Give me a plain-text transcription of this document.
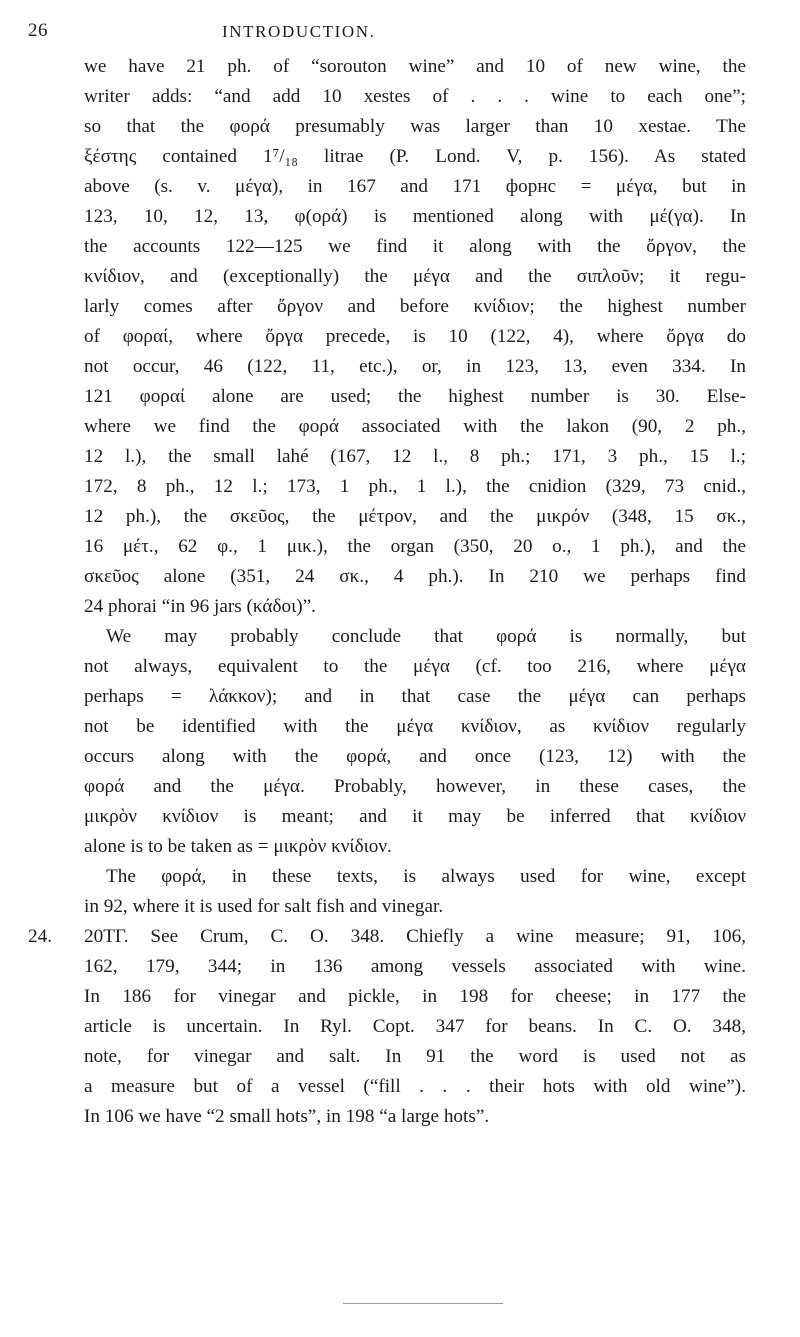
26	INTRODUCTION.
we have 21 ph. of “sorouton wine” and 10 of new wine, the
writer adds: “and add 10 xestes of . . . wine to each one”;
so that the φορά presumably was larger than 10 xestae. The
ξέστης contained 1⁷/₁₈ litrae (P. Lond. V, p. 156). As stated
above (s. v. μέγα), in 167 and 171 форнс = μέγα, but in
123, 10, 12, 13, φ(ορά) is mentioned along with μέ(γα). In
the accounts 122—125 we find it along with the ὄργον, the
κνίδιον, and (exceptionally) the μέγα and the σιπλοῦν; it regu-
larly comes after ὄργον and before κνίδιον; the highest number
of φοραί, where ὄργα precede, is 10 (122, 4), where ὄργα do
not occur, 46 (122, 11, etc.), or, in 123, 13, even 334. In
121 φοραί alone are used; the highest number is 30. Else-
where we find the φορά associated with the lakon (90, 2 ph.,
12 l.), the small lahé (167, 12 l., 8 ph.; 171, 3 ph., 15 l.;
172, 8 ph., 12 l.; 173, 1 ph., 1 l.), the cnidion (329, 73 cnid.,
12 ph.), the σκεῦος, the μέτρον, and the μικρόν (348, 15 σκ.,
16 μέτ., 62 φ., 1 μικ.), the organ (350, 20 o., 1 ph.), and the
σκεῦος alone (351, 24 σκ., 4 ph.). In 210 we perhaps find
24 phorai “in 96 jars (κάδοι)”.
We may probably conclude that φορά is normally, but
not always, equivalent to the μέγα (cf. too 216, where μέγα
perhaps = λάκκον); and in that case the μέγα can perhaps
not be identified with the μέγα κνίδιον, as κνίδιον regularly
occurs along with the φορά, and once (123, 12) with the
φορά and the μέγα. Probably, however, in these cases, the
μικρὸν κνίδιον is meant; and it may be inferred that κνίδιον
alone is to be taken as = μικρὸν κνίδιον.
The φορά, in these texts, is always used for wine, except
in 92, where it is used for salt fish and vinegar.
24.	20ΤΓ. See Crum, C. O. 348. Chiefly a wine measure; 91, 106,
162, 179, 344; in 136 among vessels associated with wine.
In 186 for vinegar and pickle, in 198 for cheese; in 177 the
article is uncertain. In Ryl. Copt. 347 for beans. In C. O. 348,
note, for vinegar and salt. In 91 the word is used not as
a measure but of a vessel (“fill . . . their hots with old wine”).
In 106 we have “2 small hots”, in 198 “a large hots”.
